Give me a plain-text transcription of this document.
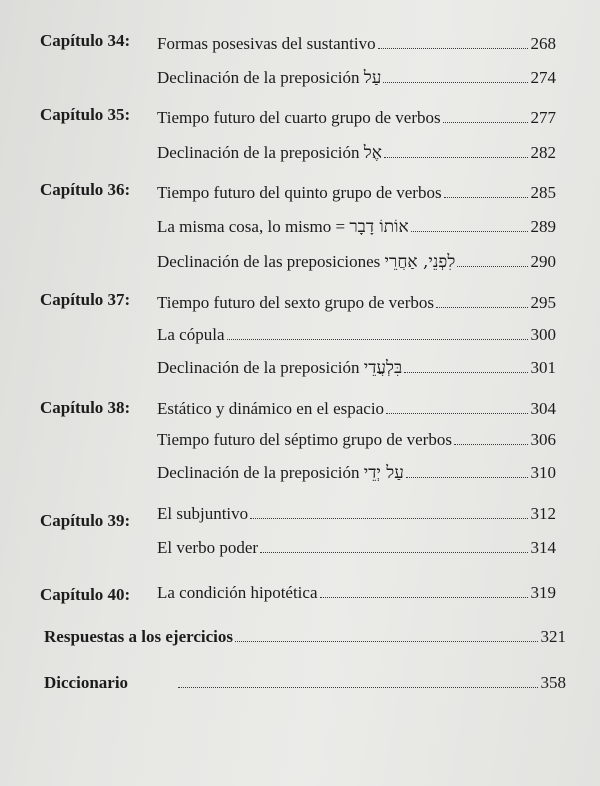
Capítulo 34: Formas posesivas del sustantivo	268
Declinación de la preposición עַל	274
Capítulo 35: Tiempo futuro del cuarto grupo de verbos	277
Declinación de la preposición אֶל	282
Capítulo 36: Tiempo futuro del quinto grupo de verbos	285
La misma cosa, lo mismo = אוֹתוֹ דָבָר	289
Declinación de las preposiciones לִפְנֵי, אַחֲרֵי	290
Capítulo 37: Tiempo futuro del sexto grupo de verbos	295
La cópula	300
Declinación de la preposición בִּלְעֲדֵי	301
Capítulo 38: Estático y dinámico en el espacio	304
Tiempo futuro del séptimo grupo de verbos	306
Declinación de la preposición עַל יְדֵי	310
Capítulo 39: El subjuntivo	312
El verbo poder	314
Capítulo 40: La condición hipotética	319
Respuestas a los ejercicios	321
Diccionario	358
